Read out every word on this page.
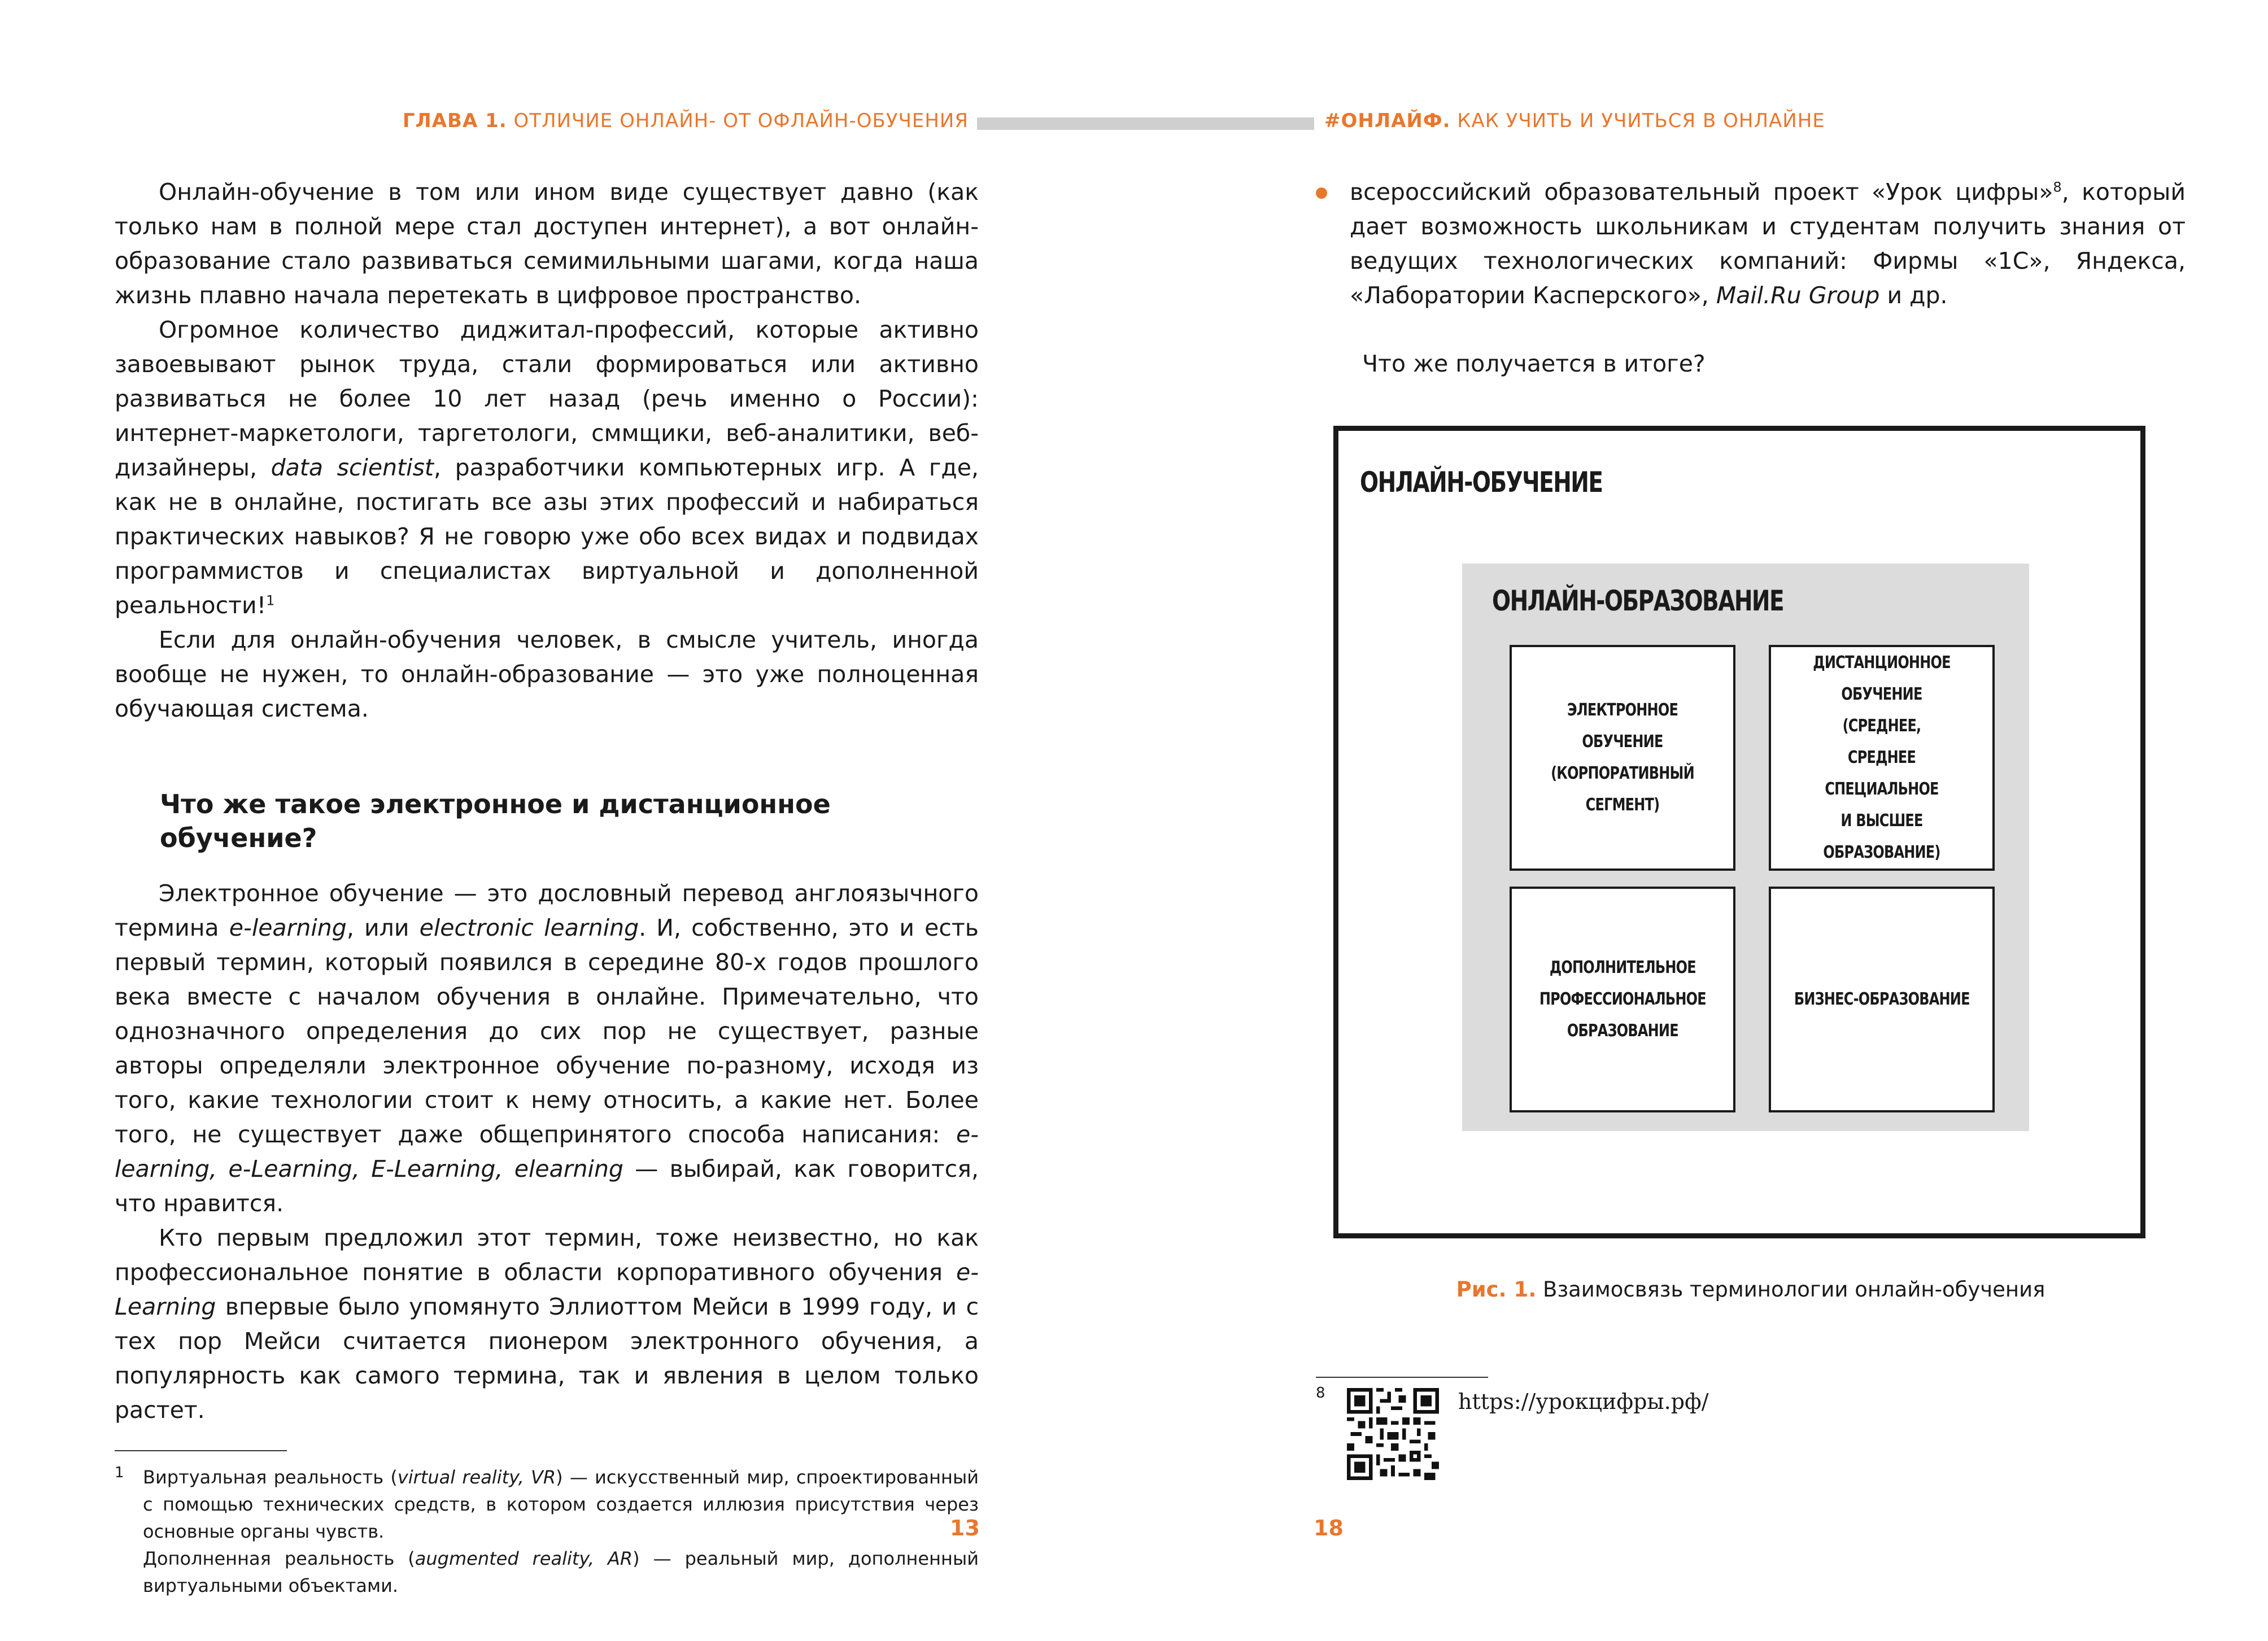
ГЛАВА 1. ОТЛИЧИЕ ОНЛАЙН- ОТ ОФЛАЙН-ОБУЧЕНИЯ	#ОНЛАЙФ. КАК УЧИТЬ И УЧИТЬСЯ В ОНЛАЙНЕ

Онлайн-обучение в том или ином виде существует давно (как только нам в полной мере стал доступен интернет), а вот онлайн-образование стало развиваться семимильными шагами, когда наша жизнь плавно начала перетекать в цифровое пространство.

Огромное количество диджитал-профессий, которые активно завоевывают рынок труда, стали формироваться или активно развиваться не более 10 лет назад (речь именно о России): интернет-маркетологи, таргетологи, сммщики, веб-аналитики, веб-дизайнеры, data scientist, разработчики компьютерных игр. А где, как не в онлайне, постигать все азы этих профессий и набираться практических навыков? Я не говорю уже обо всех видах и подвидах программистов и специалистах виртуальной и дополненной реальности!$^1$

Если для онлайн-обучения человек, в смысле учитель, иногда вообще не нужен, то онлайн-образование — это уже полноценная обучающая система.

Что же такое электронное и дистанционное обучение?

Электронное обучение — это дословный перевод англоязычного термина e-learning, или electronic learning. И, собственно, это и есть первый термин, который появился в середине 80-х годов прошлого века вместе с началом обучения в онлайне. Примечательно, что однозначного определения до сих пор не существует, разные авторы определяли электронное обучение по-разному, исходя из того, какие технологии стоит к нему относить, а какие нет. Более того, не существует даже общепринятого способа написания: e-learning, e-Learning, E-Learning, elearning — выбирай, как говорится, что нравится.

Кто первым предложил этот термин, тоже неизвестно, но как профессиональное понятие в области корпоративного обучения e-Learning впервые было упомянуто Эллиоттом Мейси в 1999 году, и с тех пор Мейси считается пионером электронного обучения, а популярность как самого термина, так и явления в целом только растет.

1 Виртуальная реальность (virtual reality, VR) — искусственный мир, спроектированный с помощью технических средств, в котором создается иллюзия присутствия через основные органы чувств.

Дополненная реальность (augmented reality, AR) — реальный мир, дополненный виртуальными объектами.

13

всероссийский образовательный проект «Урок цифры»$^8$, который дает возможность школьникам и студентам получить знания от ведущих технологических компаний: Фирмы «1С», Яндекса, «Лаборатории Касперского», Mail.Ru Group и др.

Что же получается в итоге?

ОНЛАЙН-ОБУЧЕНИЕ
ОНЛАЙН-ОБРАЗОВАНИЕ
ЭЛЕКТРОННОЕ ОБУЧЕНИЕ
(КОРПОРАТИВНЫЙ СЕГМЕНТ)
ДИСТАНЦИОННОЕ ОБУЧЕНИЕ
(СРЕДНЕЕ,
СРЕДНЕЕ СПЕЦИАЛЬНОЕ
И ВЫСШЕЕ ОБРАЗОВАНИЕ)
ДОПОЛНИТЕЛЬНОЕ
ПРОФЕССИОНАЛЬНОЕ
ОБРАЗОВАНИЕ
БИЗНЕС-ОБРАЗОВАНИЕ
Рис. 1. Взаимосвязь терминологии онлайн-обучения
8	https://урокцифры.рф/
18
